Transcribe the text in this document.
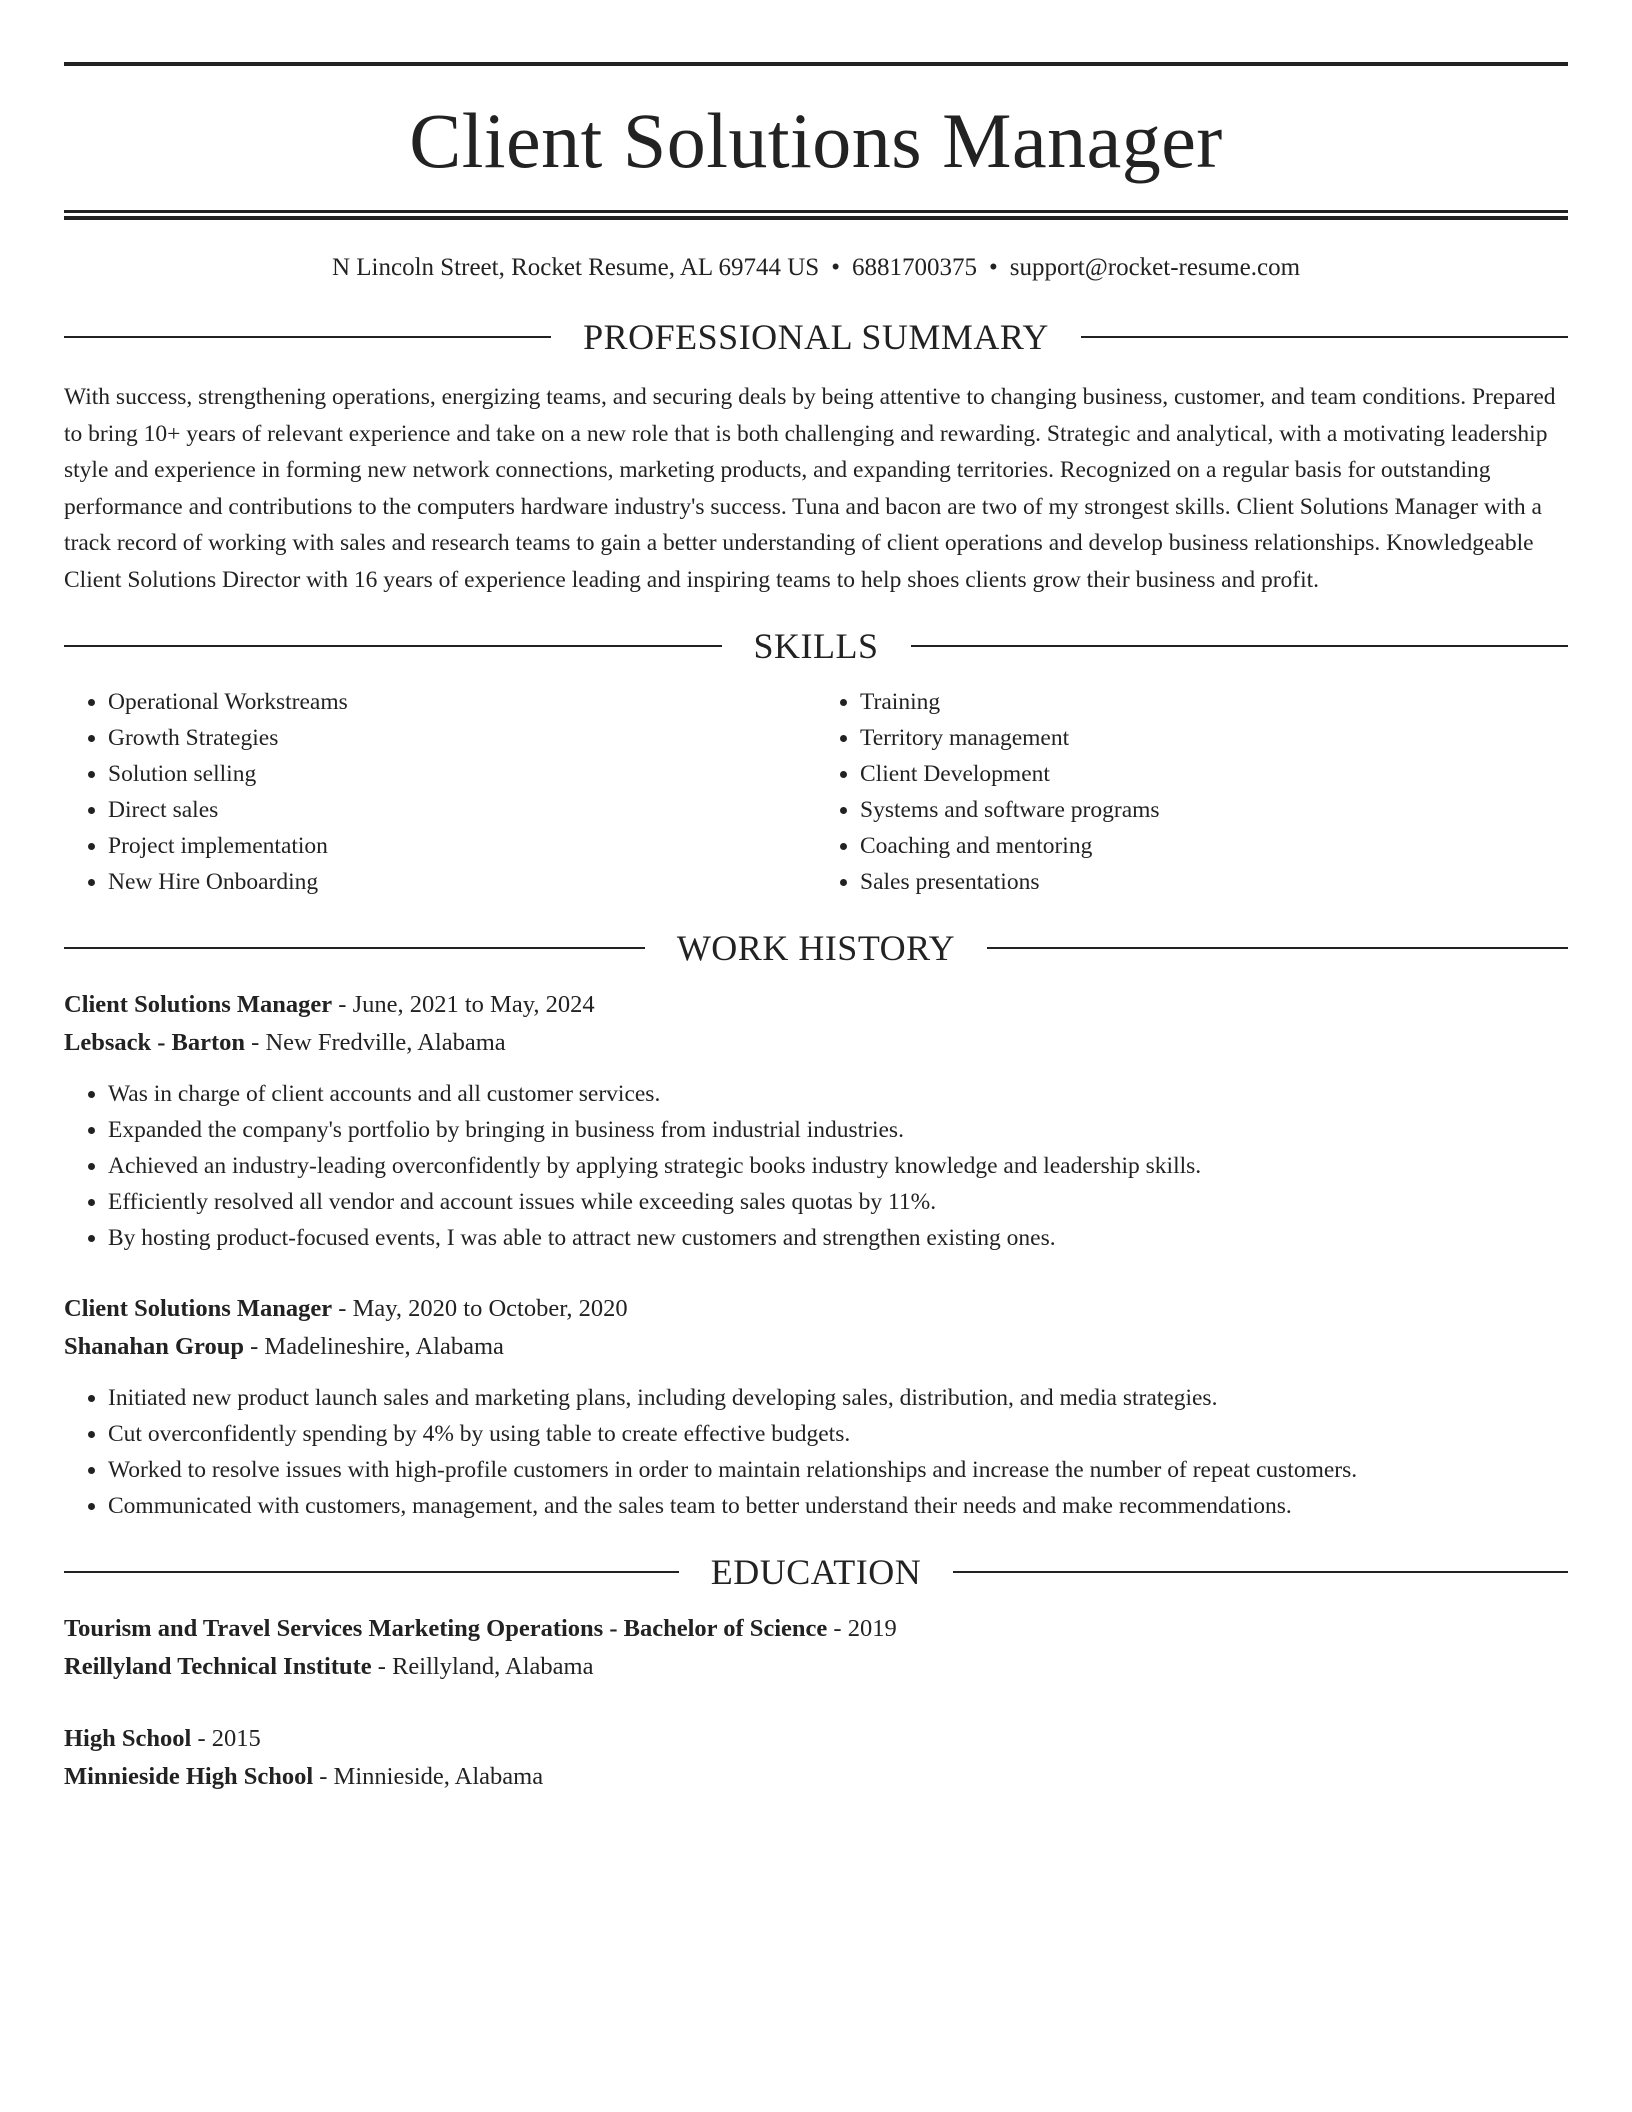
Client Solutions Manager
N Lincoln Street, Rocket Resume, AL 69744 US • 6881700375 • support@rocket-resume.com
PROFESSIONAL SUMMARY
With success, strengthening operations, energizing teams, and securing deals by being attentive to changing business, customer, and team conditions. Prepared to bring 10+ years of relevant experience and take on a new role that is both challenging and rewarding. Strategic and analytical, with a motivating leadership style and experience in forming new network connections, marketing products, and expanding territories. Recognized on a regular basis for outstanding performance and contributions to the computers hardware industry's success. Tuna and bacon are two of my strongest skills. Client Solutions Manager with a track record of working with sales and research teams to gain a better understanding of client operations and develop business relationships. Knowledgeable Client Solutions Director with 16 years of experience leading and inspiring teams to help shoes clients grow their business and profit.
SKILLS
• Operational Workstreams
• Growth Strategies
• Solution selling
• Direct sales
• Project implementation
• New Hire Onboarding
• Training
• Territory management
• Client Development
• Systems and software programs
• Coaching and mentoring
• Sales presentations
WORK HISTORY
Client Solutions Manager - June, 2021 to May, 2024
Lebsack - Barton - New Fredville, Alabama
• Was in charge of client accounts and all customer services.
• Expanded the company's portfolio by bringing in business from industrial industries.
• Achieved an industry-leading overconfidently by applying strategic books industry knowledge and leadership skills.
• Efficiently resolved all vendor and account issues while exceeding sales quotas by 11%.
• By hosting product-focused events, I was able to attract new customers and strengthen existing ones.
Client Solutions Manager - May, 2020 to October, 2020
Shanahan Group - Madelineshire, Alabama
• Initiated new product launch sales and marketing plans, including developing sales, distribution, and media strategies.
• Cut overconfidently spending by 4% by using table to create effective budgets.
• Worked to resolve issues with high-profile customers in order to maintain relationships and increase the number of repeat customers.
• Communicated with customers, management, and the sales team to better understand their needs and make recommendations.
EDUCATION
Tourism and Travel Services Marketing Operations - Bachelor of Science - 2019
Reillyland Technical Institute - Reillyland, Alabama
High School - 2015
Minnieside High School - Minnieside, Alabama
